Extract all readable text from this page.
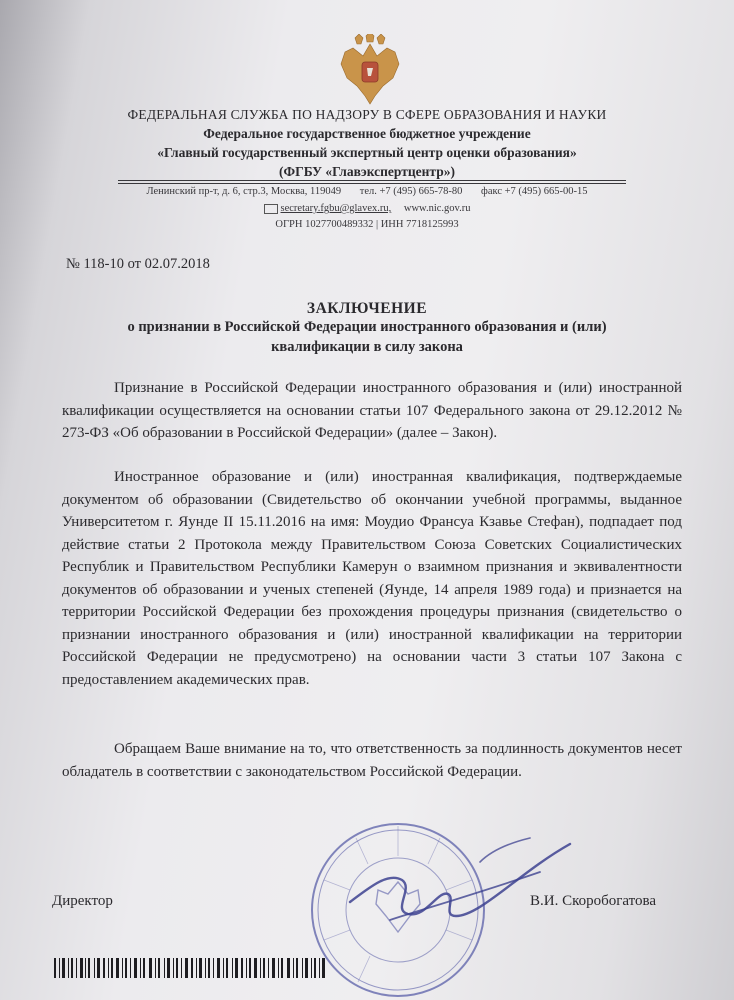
ФЕДЕРАЛЬНАЯ СЛУЖБА ПО НАДЗОРУ В СФЕРЕ ОБРАЗОВАНИЯ И НАУКИ
Федеральное государственное бюджетное учреждение
«Главный государственный экспертный центр оценки образования»
(ФГБУ «Главэкспертцентр»)
Ленинский пр-т, д. 6, стр.3, Москва, 119049 тел. +7 (495) 665-78-80 факс +7 (495) 665-00-15
secretary.fgbu@glavex.ru, www.nic.gov.ru
ОГРН 1027700489332 | ИНН 7718125993
№ 118-10 от 02.07.2018
ЗАКЛЮЧЕНИЕ
о признании в Российской Федерации иностранного образования и (или)
квалификации в силу закона

Признание в Российской Федерации иностранного образования и (или) иностранной квалификации осуществляется на основании статьи 107 Федерального закона от 29.12.2012 № 273-ФЗ «Об образовании в Российской Федерации» (далее – Закон).

Иностранное образование и (или) иностранная квалификация, подтверждаемые документом об образовании (Свидетельство об окончании учебной программы, выданное Университетом г. Яунде II 15.11.2016 на имя: Моудио Франсуа Кзавье Стефан), подпадает под действие статьи 2 Протокола между Правительством Союза Советских Социалистических Республик и Правительством Республики Камерун о взаимном признания и эквивалентности документов об образовании и ученых степеней (Яунде, 14 апреля 1989 года) и признается на территории Российской Федерации без прохождения процедуры признания (свидетельство о признании иностранного образования и (или) иностранной квалификации на территории Российской Федерации не предусмотрено) на основании части 3 статьи 107 Закона с предоставлением академических прав.

Обращаем Ваше внимание на то, что ответственность за подлинность документов несет обладатель в соответствии с законодательством Российской Федерации.

Директор	В.И. Скоробогатова
